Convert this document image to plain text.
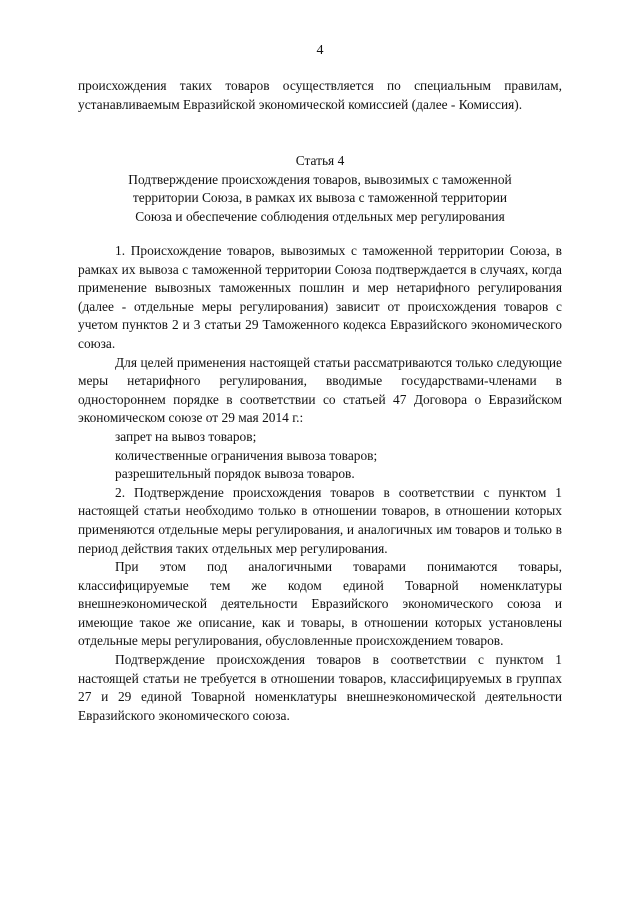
4
происхождения таких товаров осуществляется по специальным правилам, устанавливаемым Евразийской экономической комиссией (далее - Комиссия).
Статья 4
Подтверждение происхождения товаров, вывозимых с таможенной
территории Союза, в рамках их вывоза с таможенной территории
Союза и обеспечение соблюдения отдельных мер регулирования

1. Происхождение товаров, вывозимых с таможенной территории Союза, в рамках их вывоза с таможенной территории Союза подтверждается в случаях, когда применение вывозных таможенных пошлин и мер нетарифного регулирования (далее - отдельные меры регулирования) зависит от происхождения товаров с учетом пунктов 2 и 3 статьи 29 Таможенного кодекса Евразийского экономического союза.

Для целей применения настоящей статьи рассматриваются только следующие меры нетарифного регулирования, вводимые государствами-членами в одностороннем порядке в соответствии со статьей 47 Договора о Евразийском экономическом союзе от 29 мая 2014 г.:

запрет на вывоз товаров;

количественные ограничения вывоза товаров;

разрешительный порядок вывоза товаров.

2. Подтверждение происхождения товаров в соответствии с пунктом 1 настоящей статьи необходимо только в отношении товаров, в отношении которых применяются отдельные меры регулирования, и аналогичных им товаров и только в период действия таких отдельных мер регулирования.

При этом под аналогичными товарами понимаются товары, классифицируемые тем же кодом единой Товарной номенклатуры внешнеэкономической деятельности Евразийского экономического союза и имеющие такое же описание, как и товары, в отношении которых установлены отдельные меры регулирования, обусловленные происхождением товаров.

Подтверждение происхождения товаров в соответствии с пунктом 1 настоящей статьи не требуется в отношении товаров, классифицируемых в группах 27 и 29 единой Товарной номенклатуры внешнеэкономической деятельности Евразийского экономического союза.
